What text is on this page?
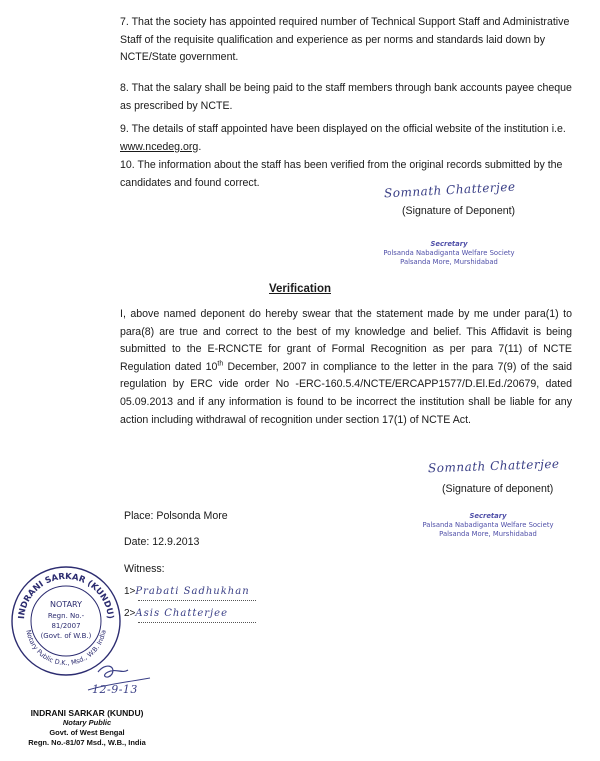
7. That the society has appointed required number of Technical Support Staff and Administrative Staff of the requisite qualification and experience as per norms and standards laid down by NCTE/State government.

8. That the salary shall be being paid to the staff members through bank accounts payee cheque as prescribed by NCTE.

9. The details of staff appointed have been displayed on the official website of the institution i.e. www.ncedeg.org.

10. The information about the staff has been verified from the original records submitted by the candidates and found correct.	Somnath Chatterjee
(Signature of Deponent)
Secretary
Polsanda Nabadiganta Welfare Society
Palsanda More, Murshidabad
Verification

I, above named deponent do hereby swear that the statement made by me under para(1) to para(8) are true and correct to the best of my knowledge and belief. This Affidavit is being submitted to the E-RCNCTE for grant of Formal Recognition as per para 7(11) of NCTE Regulation dated 10th December, 2007 in compliance to the letter in the para 7(9) of the said regulation by ERC vide order No -ERC-160.5.4/NCTE/ERCAPP1577/D.El.Ed./20679, dated 05.09.2013 and if any information is found to be incorrect the institution shall be liable for any action including withdrawal of recognition under section 17(1) of NCTE Act.

Somnath Chatterjee
(Signature of deponent)
Secretary
Palsanda Nabadiganta Welfare Society
Palsanda More, Murshidabad
Place: Polsonda More
Date: 12.9.2013
Witness:
1>Prabati Sadhukhan
2>Asis Chatterjee
INDRANI SARKAR (KUNDU)
Notary Public D.K., Msd., W.B. India
NOTARY
Regn. No.-
81/2007
(Govt. of W.B.)
12-9-13
INDRANI SARKAR (KUNDU)
Notary Public
Govt. of West Bengal
Regn. No.-81/07 Msd., W.B., India
